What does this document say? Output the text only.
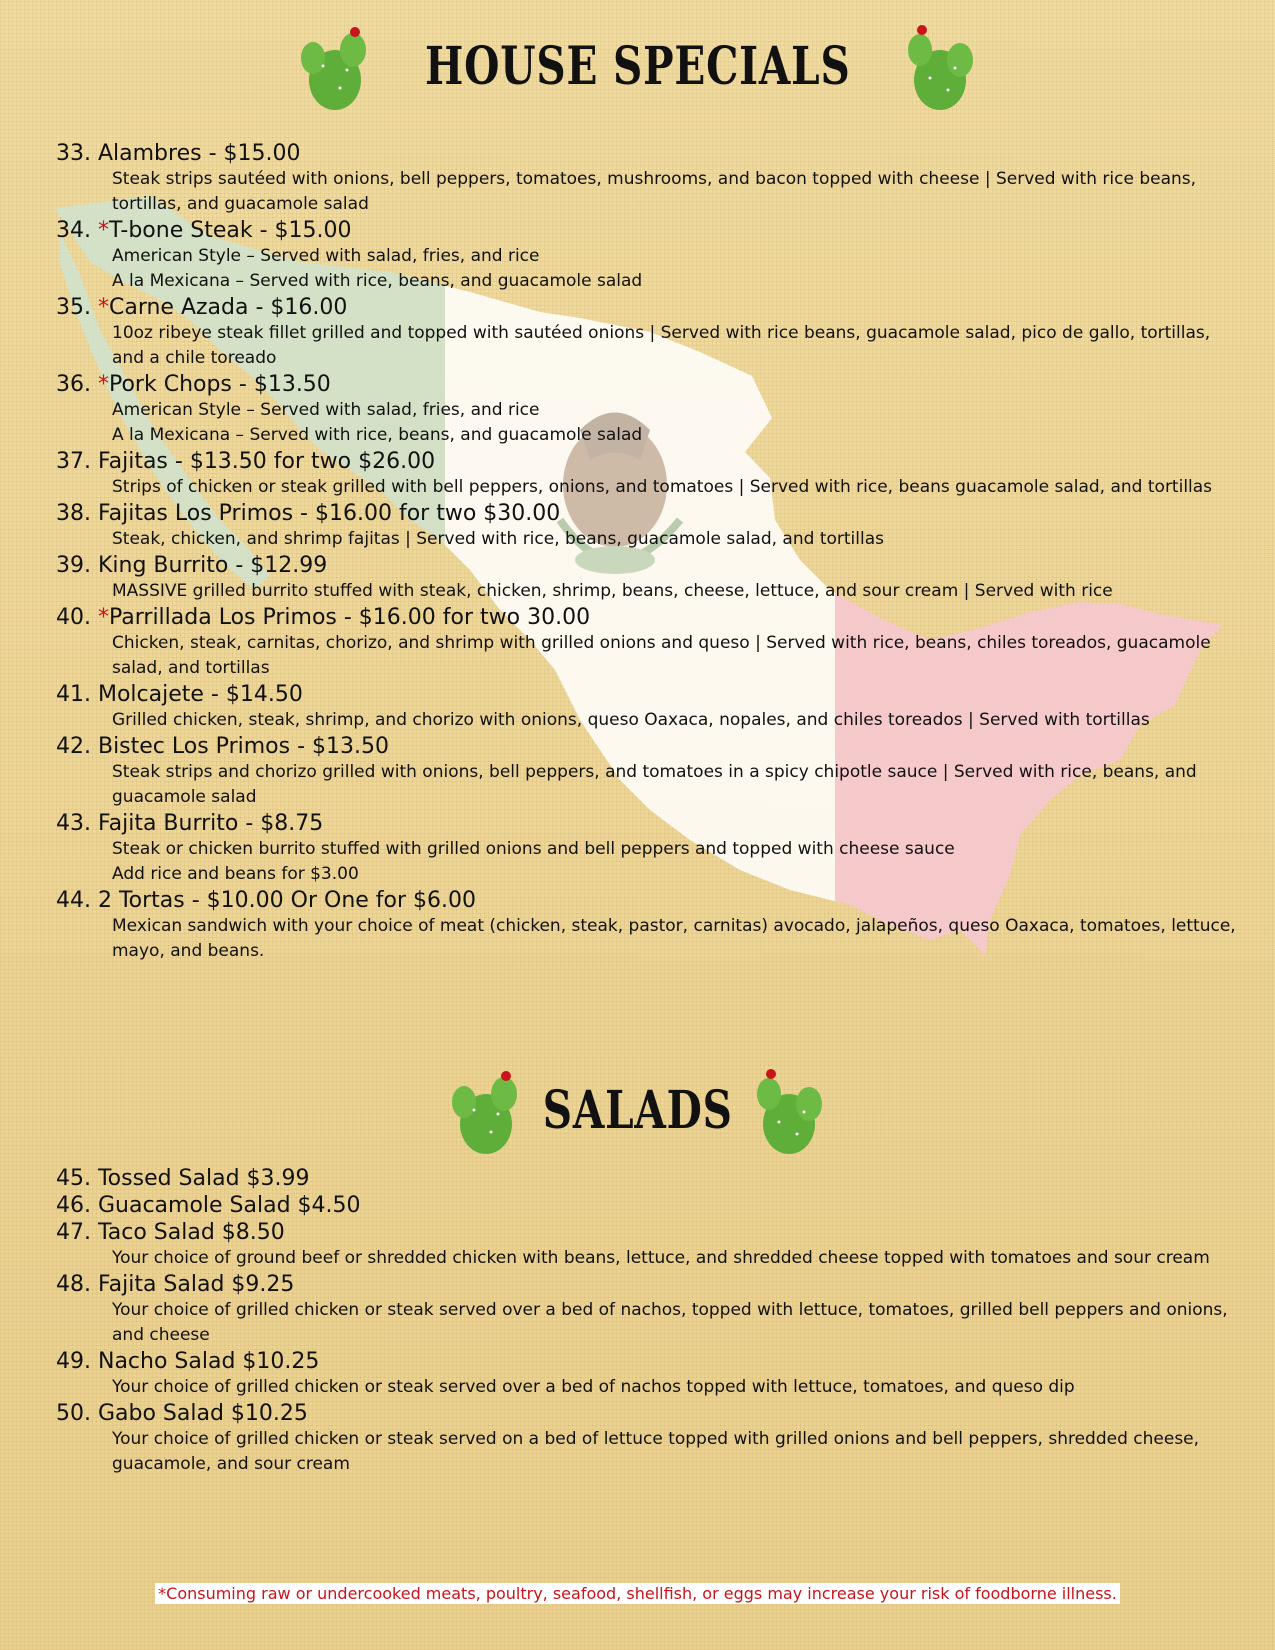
HOUSE SPECIALS
33. Alambres - $15.00
Steak strips sautéed with onions, bell peppers, tomatoes, mushrooms, and bacon topped with cheese | Served with rice beans, tortillas, and guacamole salad
34. *T-bone Steak - $15.00
American Style – Served with salad, fries, and rice
A la Mexicana – Served with rice, beans, and guacamole salad
35. *Carne Azada - $16.00
10oz ribeye steak fillet grilled and topped with sautéed onions | Served with rice beans, guacamole salad, pico de gallo, tortillas, and a chile toreado
36. *Pork Chops - $13.50
American Style – Served with salad, fries, and rice
A la Mexicana – Served with rice, beans, and guacamole salad
37. Fajitas - $13.50 for two $26.00
Strips of chicken or steak grilled with bell peppers, onions, and tomatoes | Served with rice, beans guacamole salad, and tortillas
38. Fajitas Los Primos - $16.00 for two $30.00
Steak, chicken, and shrimp fajitas | Served with rice, beans, guacamole salad, and tortillas
39. King Burrito - $12.99
MASSIVE grilled burrito stuffed with steak, chicken, shrimp, beans, cheese, lettuce, and sour cream | Served with rice
40. *Parrillada Los Primos - $16.00 for two 30.00
Chicken, steak, carnitas, chorizo, and shrimp with grilled onions and queso | Served with rice, beans, chiles toreados, guacamole salad, and tortillas
41. Molcajete - $14.50
Grilled chicken, steak, shrimp, and chorizo with onions, queso Oaxaca, nopales, and chiles toreados | Served with tortillas
42. Bistec Los Primos - $13.50
Steak strips and chorizo grilled with onions, bell peppers, and tomatoes in a spicy chipotle sauce | Served with rice, beans, and guacamole salad
43. Fajita Burrito - $8.75
Steak or chicken burrito stuffed with grilled onions and bell peppers and topped with cheese sauce
Add rice and beans for $3.00
44. 2 Tortas - $10.00 Or One for $6.00
Mexican sandwich with your choice of meat (chicken, steak, pastor, carnitas) avocado, jalapeños, queso Oaxaca, tomatoes, lettuce, mayo, and beans.
SALADS
45. Tossed Salad $3.99
46. Guacamole Salad $4.50
47. Taco Salad $8.50
Your choice of ground beef or shredded chicken with beans, lettuce, and shredded cheese topped with tomatoes and sour cream
48. Fajita Salad $9.25
Your choice of grilled chicken or steak served over a bed of nachos, topped with lettuce, tomatoes, grilled bell peppers and onions, and cheese
49. Nacho Salad $10.25
Your choice of grilled chicken or steak served over a bed of nachos topped with lettuce, tomatoes, and queso dip
50. Gabo Salad $10.25
Your choice of grilled chicken or steak served on a bed of lettuce topped with grilled onions and bell peppers, shredded cheese, guacamole, and sour cream
*Consuming raw or undercooked meats, poultry, seafood, shellfish, or eggs may increase your risk of foodborne illness.
